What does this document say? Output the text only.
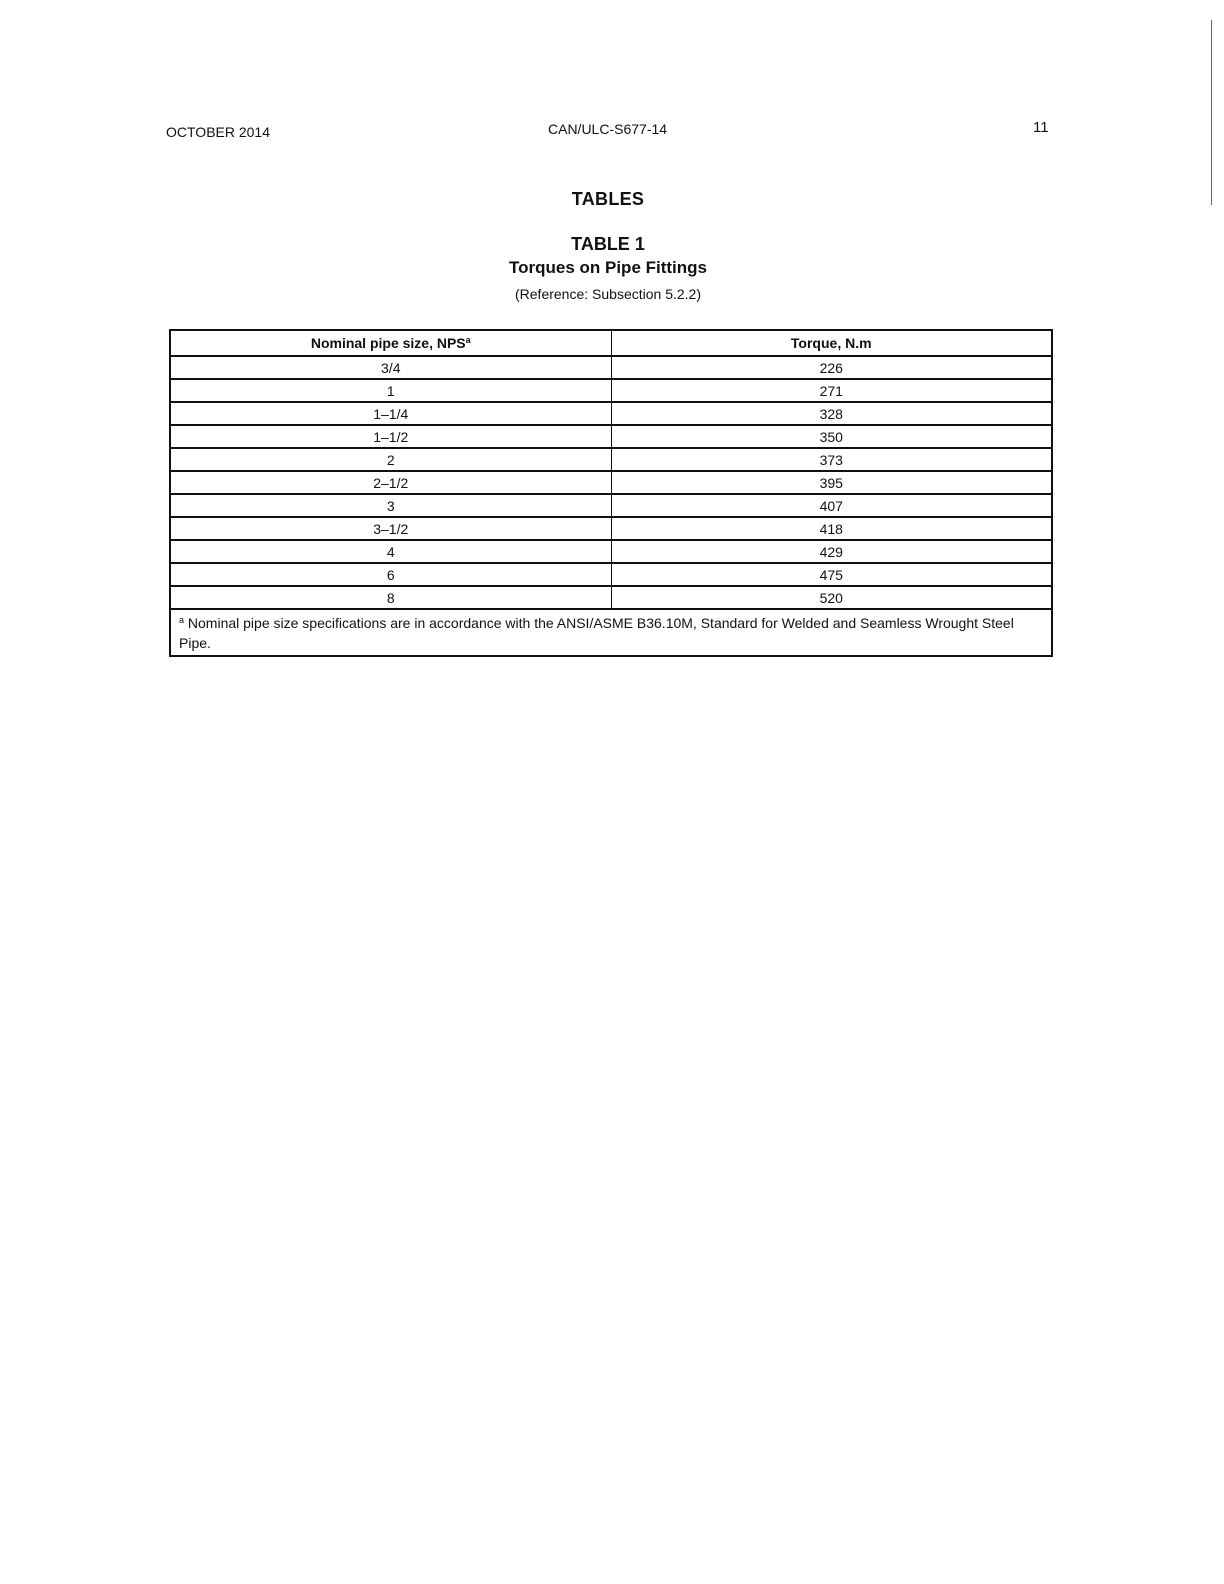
OCTOBER 2014	CAN/ULC-S677-14	11
TABLES
TABLE 1
Torques on Pipe Fittings
(Reference: Subsection 5.2.2)
Nominal pipe size, NPS$^a$	Torque, N.m
3/4	226
1	271
1–1/4	328
1–1/2	350
2	373
2–1/2	395
3	407
3–1/2	418
4	429
6	475
8	520
$^a$ Nominal pipe size specifications are in accordance with the ANSI/ASME B36.10M, Standard for Welded and Seamless Wrought Steel Pipe.	
